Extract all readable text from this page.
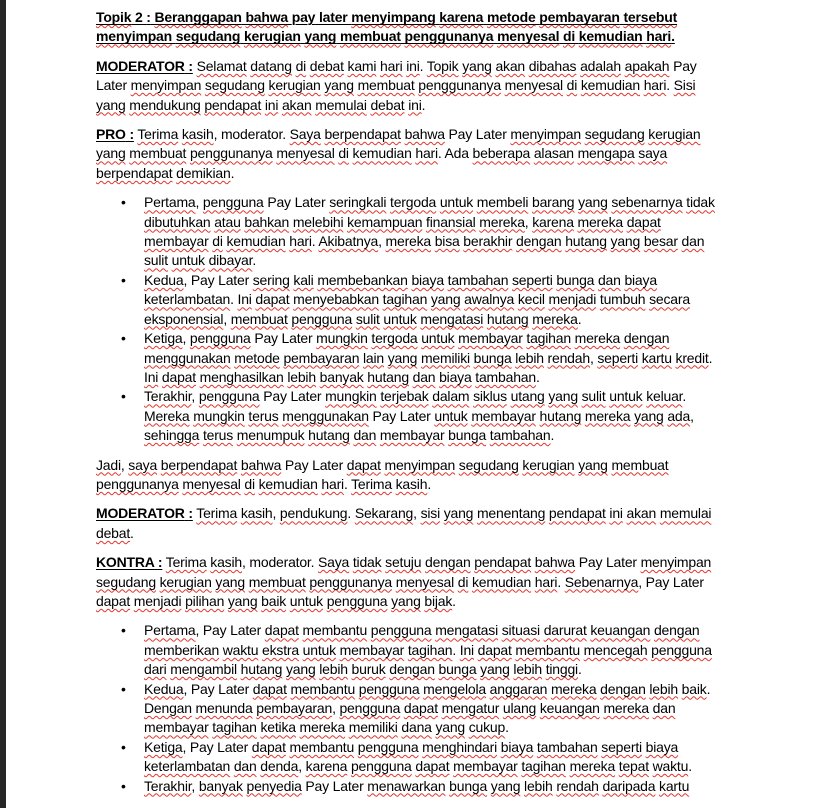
Topik 2 : Beranggapan bahwa pay later menyimpang karena metode pembayaran tersebut menyimpan segudang kerugian yang membuat penggunanya menyesal di kemudian hari.
MODERATOR : Selamat datang di debat kami hari ini. Topik yang akan dibahas adalah apakah Pay Later menyimpan segudang kerugian yang membuat penggunanya menyesal di kemudian hari. Sisi yang mendukung pendapat ini akan memulai debat ini.
PRO : Terima kasih, moderator. Saya berpendapat bahwa Pay Later menyimpan segudang kerugian yang membuat penggunanya menyesal di kemudian hari. Ada beberapa alasan mengapa saya berpendapat demikian.
•	Pertama, pengguna Pay Later seringkali tergoda untuk membeli barang yang sebenarnya tidak dibutuhkan atau bahkan melebihi kemampuan finansial mereka, karena mereka dapat membayar di kemudian hari. Akibatnya, mereka bisa berakhir dengan hutang yang besar dan sulit untuk dibayar.
•	Kedua, Pay Later sering kali membebankan biaya tambahan seperti bunga dan biaya keterlambatan. Ini dapat menyebabkan tagihan yang awalnya kecil menjadi tumbuh secara eksponensial, membuat pengguna sulit untuk mengatasi hutang mereka.
•	Ketiga, pengguna Pay Later mungkin tergoda untuk membayar tagihan mereka dengan menggunakan metode pembayaran lain yang memiliki bunga lebih rendah, seperti kartu kredit. Ini dapat menghasilkan lebih banyak hutang dan biaya tambahan.
•	Terakhir, pengguna Pay Later mungkin terjebak dalam siklus utang yang sulit untuk keluar. Mereka mungkin terus menggunakan Pay Later untuk membayar hutang mereka yang ada, sehingga terus menumpuk hutang dan membayar bunga tambahan.
Jadi, saya berpendapat bahwa Pay Later dapat menyimpan segudang kerugian yang membuat penggunanya menyesal di kemudian hari. Terima kasih.
MODERATOR : Terima kasih, pendukung. Sekarang, sisi yang menentang pendapat ini akan memulai debat.
KONTRA : Terima kasih, moderator. Saya tidak setuju dengan pendapat bahwa Pay Later menyimpan segudang kerugian yang membuat penggunanya menyesal di kemudian hari. Sebenarnya, Pay Later dapat menjadi pilihan yang baik untuk pengguna yang bijak.
•	Pertama, Pay Later dapat membantu pengguna mengatasi situasi darurat keuangan dengan memberikan waktu ekstra untuk membayar tagihan. Ini dapat membantu mencegah pengguna dari mengambil hutang yang lebih buruk dengan bunga yang lebih tinggi.
•	Kedua, Pay Later dapat membantu pengguna mengelola anggaran mereka dengan lebih baik. Dengan menunda pembayaran, pengguna dapat mengatur ulang keuangan mereka dan membayar tagihan ketika mereka memiliki dana yang cukup.
•	Ketiga, Pay Later dapat membantu pengguna menghindari biaya tambahan seperti biaya keterlambatan dan denda, karena pengguna dapat membayar tagihan mereka tepat waktu.
•	Terakhir, banyak penyedia Pay Later menawarkan bunga yang lebih rendah daripada kartu
